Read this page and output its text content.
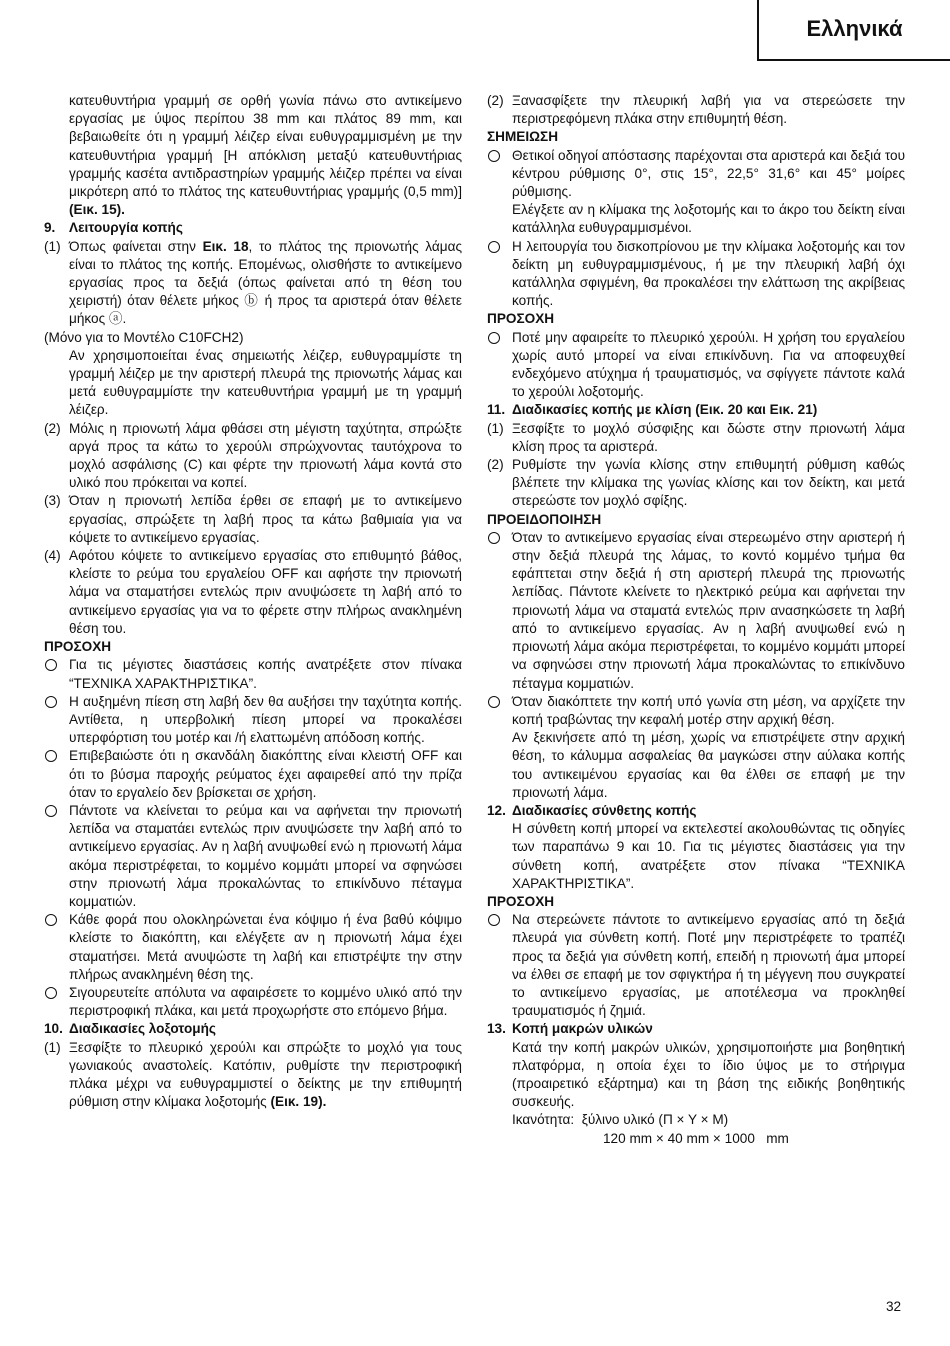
Ελληνικά

κατευθυντήρια γραμμή σε ορθή γωνία πάνω στο αντικείμενο εργασίας με ύψος περίπου 38 mm και πλάτος 89 mm, και βεβαιωθείτε ότι η γραμμή λέιζερ είναι ευθυγραμμισμένη με την κατευθυντήρια γραμμή [Η απόκλιση μεταξύ κατευθυντήριας γραμμής κασέτα αντιδραστηρίων γραμμής λέιζερ πρέπει να είναι μικρότερη από το πλάτος της κατευθυντήριας γραμμής (0,5 mm)] (Εικ. 15).

9.	Λειτουργία κοπής

(1) Όπως φαίνεται στην Εικ. 18, το πλάτος της πριονωτής λάμας είναι το πλάτος της κοπής. Επομένως, ολισθήστε το αντικείμενο εργασίας προς τα δεξιά (όπως φαίνεται από τη θέση του χειριστή) όταν θέλετε μήκος ⓑ ή προς τα αριστερά όταν θέλετε μήκος ⓐ.

(Μόνο για το Μοντέλο C10FCH2)

Αν χρησιμοποιείται ένας σημειωτής λέιζερ, ευθυγραμμίστε τη γραμμή λέιζερ με την αριστερή πλευρά της πριονωτής λάμας και μετά ευθυγραμμίστε την κατευθυντήρια γραμμή με τη γραμμή λέιζερ.

(2) Μόλις η πριονωτή λάμα φθάσει στη μέγιστη ταχύτητα, σπρώξτε αργά προς τα κάτω το χερούλι σπρώχνοντας ταυτόχρονα το μοχλό ασφάλισης (C) και φέρτε την πριονωτή λάμα κοντά στο υλικό που πρόκειται να κοπεί.

(3) Όταν η πριονωτή λεπίδα έρθει σε επαφή με το αντικείμενο εργασίας, σπρώξετε τη λαβή προς τα κάτω βαθμιαία για να κόψετε το αντικείμενο εργασίας.

(4) Αφότου κόψετε το αντικείμενο εργασίας στο επιθυμητό βάθος, κλείστε το ρεύμα του εργαλείου OFF και αφήστε την πριονωτή λάμα να σταματήσει εντελώς πριν ανυψώσετε τη λαβή από το αντικείμενο εργασίας για να το φέρετε στην πλήρως ανακλημένη θέση του.

ΠΡΟΣΟΧΗ

Για τις μέγιστες διαστάσεις κοπής ανατρέξετε στον πίνακα “ΤΕΧΝΙΚΑ ΧΑΡΑΚΤΗΡΙΣΤΙΚΑ”.

Η αυξημένη πίεση στη λαβή δεν θα αυξήσει την ταχύτητα κοπής. Αντίθετα, η υπερβολική πίεση μπορεί να προκαλέσει υπερφόρτιση του μοτέρ και /ή ελαττωμένη απόδοση κοπής.

Επιβεβαιώστε ότι η σκανδάλη διακόπτης είναι κλειστή OFF και ότι το βύσμα παροχής ρεύματος έχει αφαιρεθεί από την πρίζα όταν το εργαλείο δεν βρίσκεται σε χρήση.

Πάντοτε να κλείνεται το ρεύμα και να αφήνεται την πριονωτή λεπίδα να σταματάει εντελώς πριν ανυψώσετε την λαβή από το αντικείμενο εργασίας. Αν η λαβή ανυψωθεί ενώ η πριονωτή λάμα ακόμα περιστρέφεται, το κομμένο κομμάτι μπορεί να σφηνώσει στην πριονωτή λάμα προκαλώντας το επικίνδυνο πέταγμα κομματιών.

Κάθε φορά που ολοκληρώνεται ένα κόψιμο ή ένα βαθύ κόψιμο κλείστε το διακόπτη, και ελέγξετε αν η πριονωτή λάμα έχει σταματήσει. Μετά ανυψώστε τη λαβή και επιστρέψτε την στην πλήρως ανακλημένη θέση της.

Σιγουρευτείτε απόλυτα να αφαιρέσετε το κομμένο υλικό από την περιστροφική πλάκα, και μετά προχωρήστε στο επόμενο βήμα.

10. Διαδικασίες λοξοτομής

(1) Ξεσφίξτε το πλευρικό χερούλι και σπρώξτε το μοχλό για τους γωνιακούς αναστολείς. Κατόπιν, ρυθμίστε την περιστροφική πλάκα μέχρι να ευθυγραμμιστεί ο δείκτης με την επιθυμητή ρύθμιση στην κλίμακα λοξοτομής (Εικ. 19).

(2) Ξανασφίξετε την πλευρική λαβή για να στερεώσετε την περιστρεφόμενη πλάκα στην επιθυμητή θέση.

ΣΗΜΕΙΩΣΗ

Θετικοί οδηγοί απόστασης παρέχονται στα αριστερά και δεξιά του κέντρου ρύθμισης 0°, στις 15°, 22,5° 31,6° και 45° μοίρες ρύθμισης.

Ελέγξετε αν η κλίμακα της λοξοτομής και το άκρο του δείκτη είναι κατάλληλα ευθυγραμμισμένοι.

Η λειτουργία του δισκοπρίονου με την κλίμακα λοξοτομής και τον δείκτη μη ευθυγραμμισμένους, ή με την πλευρική λαβή όχι κατάλληλα σφιγμένη, θα προκαλέσει την ελάττωση της ακρίβειας κοπής.

ΠΡΟΣΟΧΗ

Ποτέ μην αφαιρείτε το πλευρικό χερούλι. Η χρήση του εργαλείου χωρίς αυτό μπορεί να είναι επικίνδυνη. Για να αποφευχθεί ενδεχόμενο ατύχημα ή τραυματισμός, να σφίγγετε πάντοτε καλά το χερούλι λοξοτομής.

11. Διαδικασίες κοπής με κλίση (Εικ. 20 και Εικ. 21)

(1) Ξεσφίξτε το μοχλό σύσφιξης και δώστε στην πριονωτή λάμα κλίση προς τα αριστερά.

(2) Ρυθμίστε την γωνία κλίσης στην επιθυμητή ρύθμιση καθώς βλέπετε την κλίμακα της γωνίας κλίσης και τον δείκτη, και μετά στερεώστε τον μοχλό σφίξης.

ΠΡΟΕΙΔΟΠΟΙΗΣΗ

Όταν το αντικείμενο εργασίας είναι στερεωμένο στην αριστερή ή στην δεξιά πλευρά της λάμας, το κοντό κομμένο τμήμα θα εφάπτεται στην δεξιά ή στη αριστερή πλευρά της πριονωτής λεπίδας. Πάντοτε κλείνετε το ηλεκτρικό ρεύμα και αφήνεται την πριονωτή λάμα να σταματά εντελώς πριν ανασηκώσετε τη λαβή από το αντικείμενο εργασίας. Αν η λαβή ανυψωθεί ενώ η πριονωτή λάμα ακόμα περιστρέφεται, το κομμένο κομμάτι μπορεί να σφηνώσει στην πριονωτή λάμα προκαλώντας το επικίνδυνο πέταγμα κομματιών.

Όταν διακόπτετε την κοπή υπό γωνία στη μέση, να αρχίζετε την κοπή τραβώντας την κεφαλή μοτέρ στην αρχική θέση.

Αν ξεκινήσετε από τη μέση, χωρίς να επιστρέψετε στην αρχική θέση, το κάλυμμα ασφαλείας θα μαγκώσει στην αύλακα κοπής του αντικειμένου εργασίας και θα έλθει σε επαφή με την πριονωτή λάμα.

12. Διαδικασίες σύνθετης κοπής

Η σύνθετη κοπή μπορεί να εκτελεστεί ακολουθώντας τις οδηγίες των παραπάνω 9 και 10. Για τις μέγιστες διαστάσεις για την σύνθετη κοπή, ανατρέξετε στον πίνακα “ΤΕΧΝΙΚΑ ΧΑΡΑΚΤΗΡΙΣΤΙΚΑ”.

ΠΡΟΣΟΧΗ

Να στερεώνετε πάντοτε το αντικείμενο εργασίας από τη δεξιά πλευρά για σύνθετη κοπή. Ποτέ μην περιστρέφετε το τραπέζι προς τα δεξιά για σύνθετη κοπή, επειδή η πριονωτή άμα μπορεί να έλθει σε επαφή με τον σφιγκτήρα ή τη μέγγενη που συγκρατεί το αντικείμενο εργασίας, με αποτέλεσμα να προκληθεί τραυματισμός ή ζημιά.

13. Κοπή μακρών υλικών

Κατά την κοπή μακρών υλικών, χρησιμοποιήστε μια βοηθητική πλατφόρμα, η οποία έχει το ίδιο ύψος με το στήριγμα (προαιρετικό εξάρτημα) και τη βάση της ειδικής βοηθητικής συσκευής.

Ικανότητα:  ξύλινο υλικό (Π × Υ × Μ)

120 mm × 40 mm × 1000   mm

32
